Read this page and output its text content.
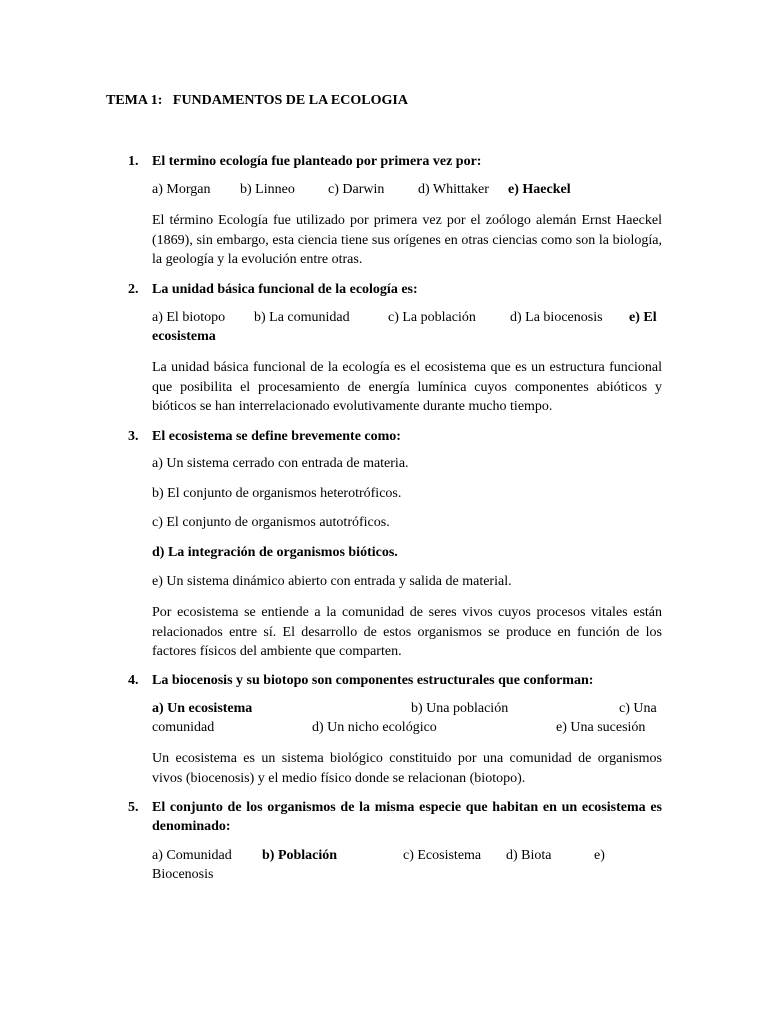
TEMA 1:   FUNDAMENTOS DE LA ECOLOGIA
1. El termino ecología fue planteado por primera vez por:
a) Morgan b) Linneo c) Darwin d) Whittaker e) Haeckel
El término Ecología fue utilizado por primera vez por el zoólogo alemán Ernst Haeckel (1869), sin embargo, esta ciencia tiene sus orígenes en otras ciencias como son la biología, la geología y la evolución entre otras.
2. La unidad básica funcional de la ecología es:
a) El biotopo b) La comunidad	c) La población d) La biocenosis e) El
ecosistema
La unidad básica funcional de la ecología es el ecosistema que es un estructura funcional que posibilita el procesamiento de energía lumínica cuyos componentes abióticos y bióticos se han interrelacionado evolutivamente durante mucho tiempo.
3. El ecosistema se define brevemente como:
a) Un sistema cerrado con entrada de materia.
b) El conjunto de organismos heterotróficos.
c) El conjunto de organismos autotróficos.
d) La integración de organismos bióticos.
e) Un sistema dinámico abierto con entrada y salida de material.
Por ecosistema se entiende a la comunidad de seres vivos cuyos procesos vitales están relacionados entre sí. El desarrollo de estos organismos se produce en función de los factores físicos del ambiente que comparten.
4. La biocenosis y su biotopo son componentes estructurales que conforman:
a) Un ecosistema	b) Una población	c) Una
comunidad	d) Un nicho ecológico	e) Una sucesión
Un ecosistema es un sistema biológico constituido por una comunidad de organismos vivos (biocenosis) y el medio físico donde se relacionan (biotopo).
5. El conjunto de los organismos de la misma especie que habitan en un ecosistema es denominado:
a) Comunidad b) Población	c) Ecosistema d) Biota	e)
Biocenosis
